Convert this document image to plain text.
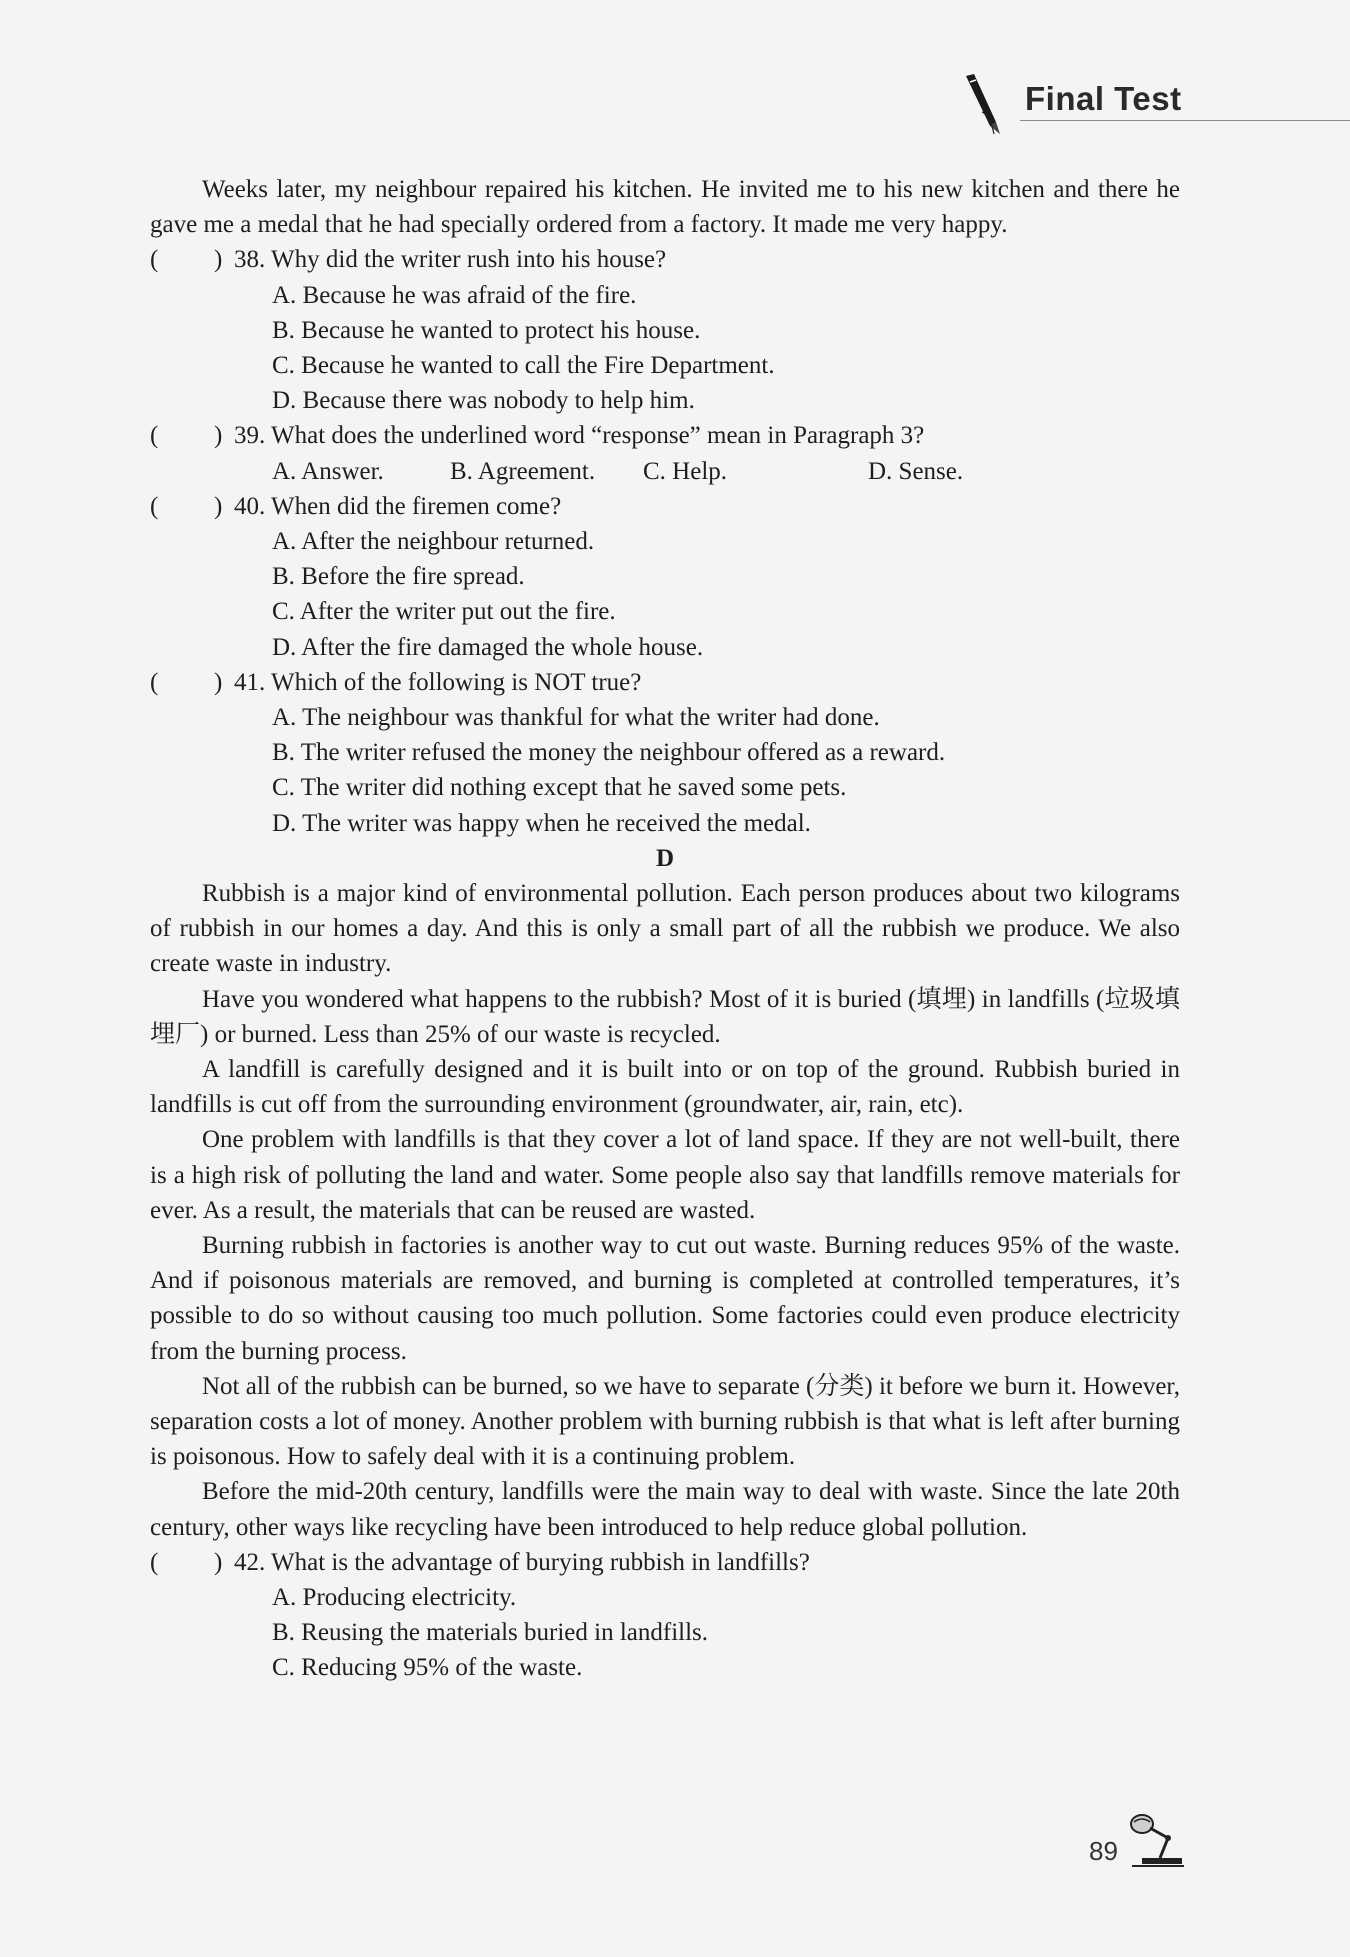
Final Test

Weeks later, my neighbour repaired his kitchen. He invited me to his new kitchen and there he gave me a medal that he had specially ordered from a factory. It made me very happy.

( ) 38. Why did the writer rush into his house?

A. Because he was afraid of the fire.

B. Because he wanted to protect his house.

C. Because he wanted to call the Fire Department.

D. Because there was nobody to help him.

( ) 39. What does the underlined word “response” mean in Paragraph 3?
A. Answer.	B. Agreement. C. Help.	D. Sense.
( ) 40. When did the firemen come?

A. After the neighbour returned.

B. Before the fire spread.

C. After the writer put out the fire.

D. After the fire damaged the whole house.

( ) 41. Which of the following is NOT true?

A. The neighbour was thankful for what the writer had done.

B. The writer refused the money the neighbour offered as a reward.

C. The writer did nothing except that he saved some pets.

D. The writer was happy when he received the medal.

D

Rubbish is a major kind of environmental pollution. Each person produces about two kilograms of rubbish in our homes a day. And this is only a small part of all the rubbish we produce. We also create waste in industry.

Have you wondered what happens to the rubbish? Most of it is buried (填埋) in landfills (垃圾填埋厂) or burned. Less than 25% of our waste is recycled.

A landfill is carefully designed and it is built into or on top of the ground. Rubbish buried in landfills is cut off from the surrounding environment (groundwater, air, rain, etc).

One problem with landfills is that they cover a lot of land space. If they are not well-built, there is a high risk of polluting the land and water. Some people also say that landfills remove materials for ever. As a result, the materials that can be reused are wasted.

Burning rubbish in factories is another way to cut out waste. Burning reduces 95% of the waste. And if poisonous materials are removed, and burning is completed at controlled temperatures, it’s possible to do so without causing too much pollution. Some factories could even produce electricity from the burning process.

Not all of the rubbish can be burned, so we have to separate (分类) it before we burn it. However, separation costs a lot of money. Another problem with burning rubbish is that what is left after burning is poisonous. How to safely deal with it is a continuing problem.

Before the mid-20th century, landfills were the main way to deal with waste. Since the late 20th century, other ways like recycling have been introduced to help reduce global pollution.

( ) 42. What is the advantage of burying rubbish in landfills?

A. Producing electricity.

B. Reusing the materials buried in landfills.

C. Reducing 95% of the waste.

89
